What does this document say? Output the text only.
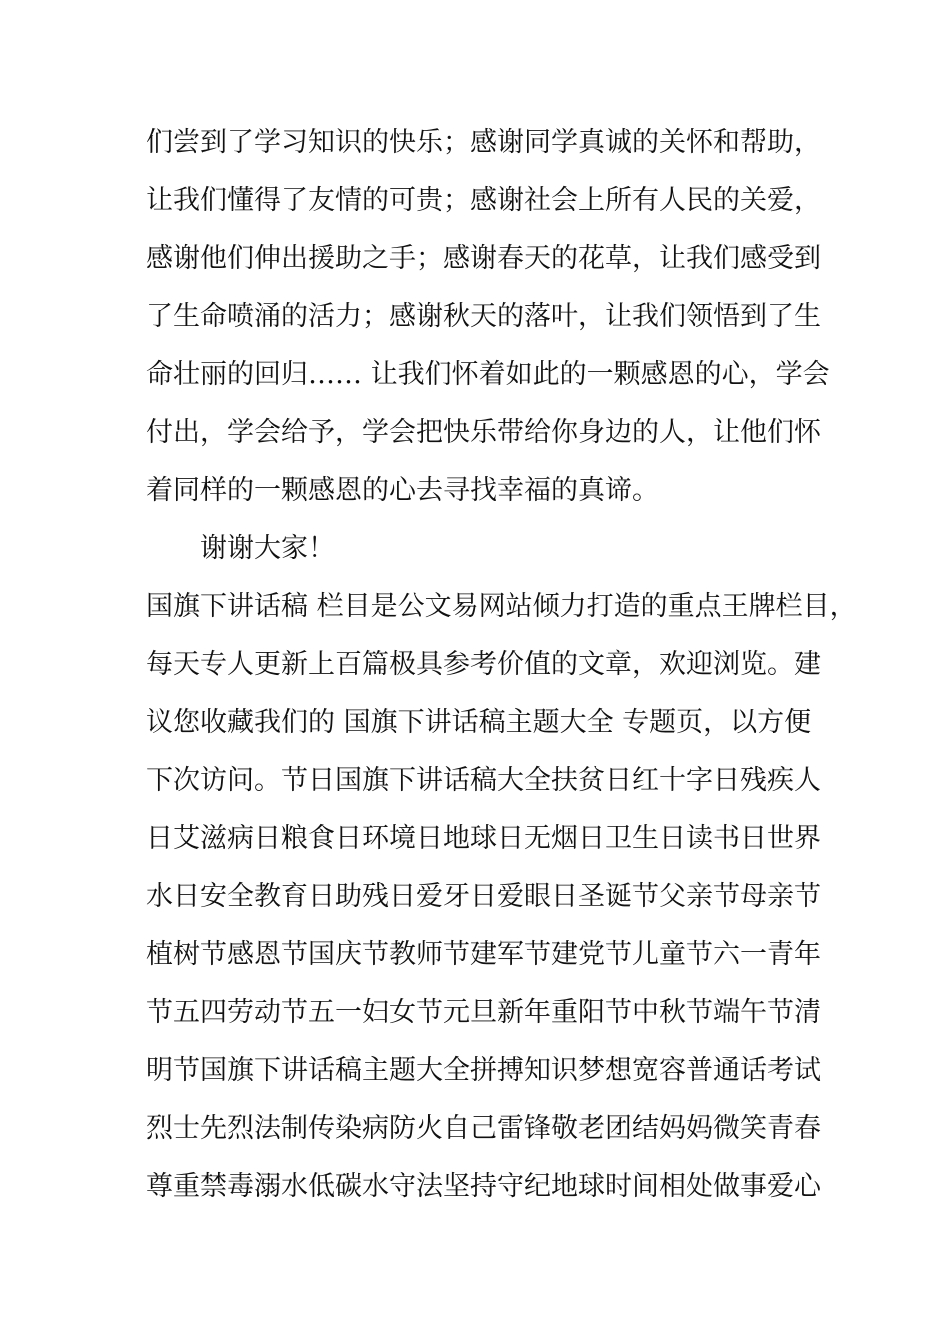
们尝到了学习知识的快乐；感谢同学真诚的关怀和帮助，
让我们懂得了友情的可贵；感谢社会上所有人民的关爱，
感谢他们伸出援助之手；感谢春天的花草，让我们感受到
了生命喷涌的活力；感谢秋天的落叶，让我们领悟到了生
命壮丽的回归…… 让我们怀着如此的一颗感恩的心，学会
付出，学会给予，学会把快乐带给你身边的人，让他们怀
着同样的一颗感恩的心去寻找幸福的真谛。
谢谢大家！
国旗下讲话稿 栏目是公文易网站倾力打造的重点王牌栏目，
每天专人更新上百篇极具参考价值的文章，欢迎浏览。建
议您收藏我们的 国旗下讲话稿主题大全 专题页，以方便
下次访问。节日国旗下讲话稿大全扶贫日红十字日残疾人
日艾滋病日粮食日环境日地球日无烟日卫生日读书日世界
水日安全教育日助残日爱牙日爱眼日圣诞节父亲节母亲节
植树节感恩节国庆节教师节建军节建党节儿童节六一青年
节五四劳动节五一妇女节元旦新年重阳节中秋节端午节清
明节国旗下讲话稿主题大全拼搏知识梦想宽容普通话考试
烈士先烈法制传染病防火自己雷锋敬老团结妈妈微笑青春
尊重禁毒溺水低碳水守法坚持守纪地球时间相处做事爱心
